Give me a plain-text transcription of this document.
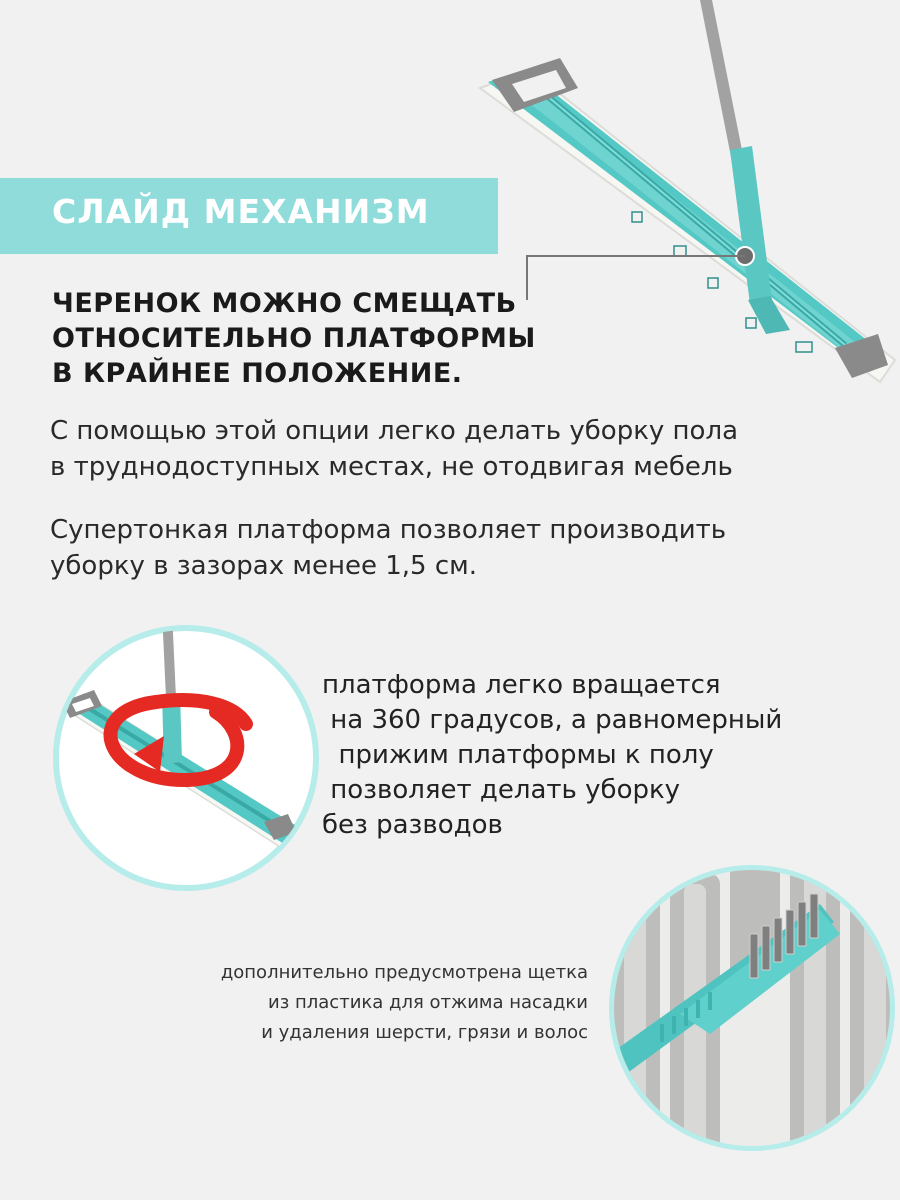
СЛАЙД МЕХАНИЗМ
ЧЕРЕНОК МОЖНО СМЕЩАТЬ
ОТНОСИТЕЛЬНО ПЛАТФОРМЫ
В КРАЙНЕЕ ПОЛОЖЕНИЕ.
С помощью этой опции легко делать уборку пола
в труднодоступных местах, не отодвигая мебель
Супертонкая платформа позволяет производить
уборку в зазорах менее 1,5 см.
платформа легко вращается
на 360 градусов, а равномерный
прижим платформы к полу
позволяет делать уборку
без разводов
дополнительно предусмотрена щетка
из пластика для отжима насадки
и удаления шерсти, грязи и волос
